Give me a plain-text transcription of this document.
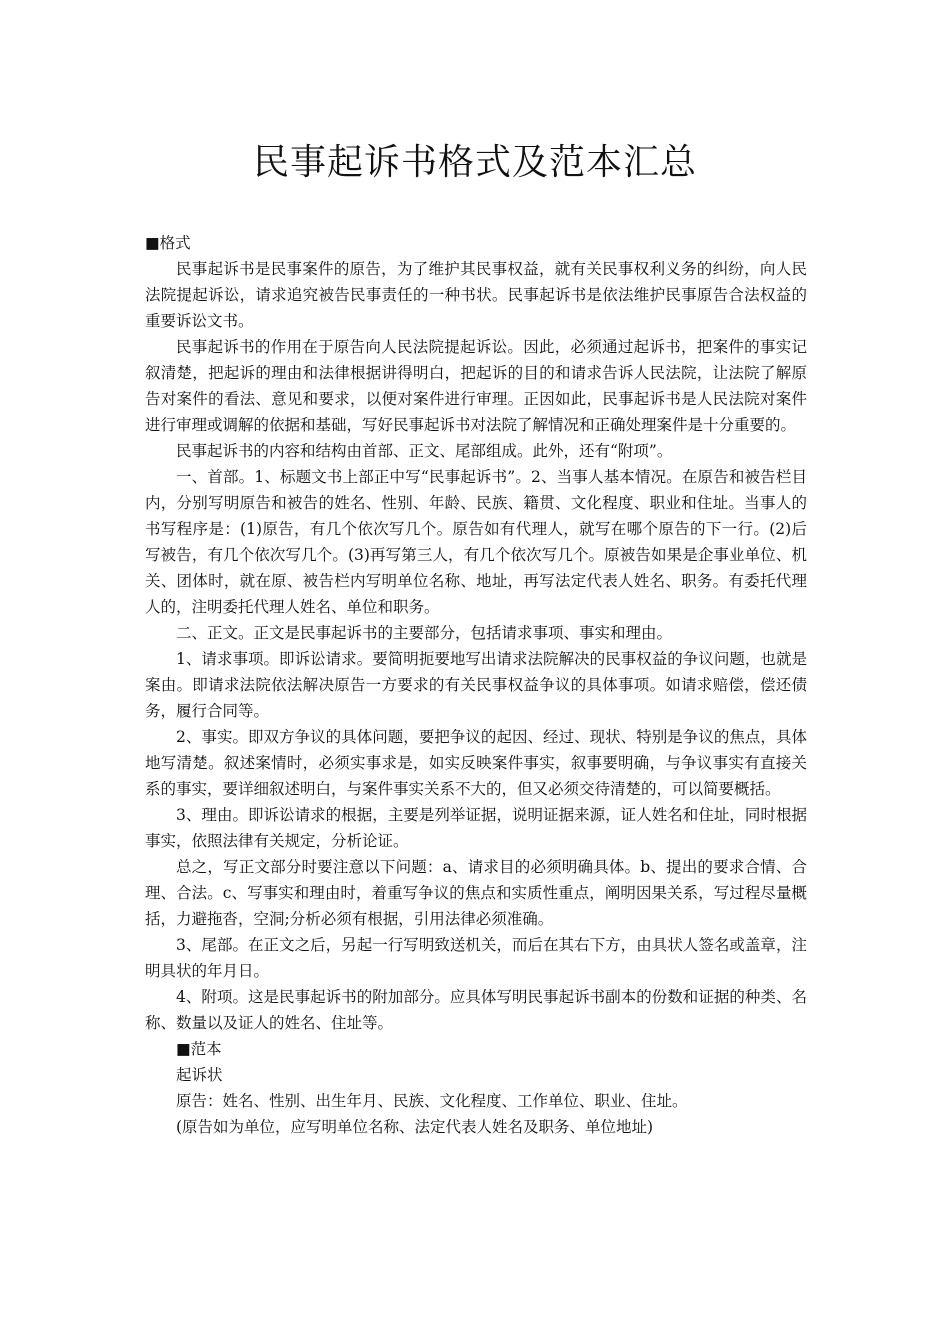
民事起诉书格式及范本汇总

■格式

民事起诉书是民事案件的原告，为了维护其民事权益，就有关民事权利义务的纠纷，向人民法院提起诉讼，请求追究被告民事责任的一种书状。民事起诉书是依法维护民事原告合法权益的重要诉讼文书。

民事起诉书的作用在于原告向人民法院提起诉讼。因此，必须通过起诉书，把案件的事实记叙清楚，把起诉的理由和法律根据讲得明白，把起诉的目的和请求告诉人民法院，让法院了解原告对案件的看法、意见和要求，以便对案件进行审理。正因如此，民事起诉书是人民法院对案件进行审理或调解的依据和基础，写好民事起诉书对法院了解情况和正确处理案件是十分重要的。

民事起诉书的内容和结构由首部、正文、尾部组成。此外，还有“附项”。

一、首部。1、标题文书上部正中写“民事起诉书”。2、当事人基本情况。在原告和被告栏目内，分别写明原告和被告的姓名、性别、年龄、民族、籍贯、文化程度、职业和住址。当事人的书写程序是：(1)原告，有几个依次写几个。原告如有代理人，就写在哪个原告的下一行。(2)后写被告，有几个依次写几个。(3)再写第三人，有几个依次写几个。原被告如果是企事业单位、机关、团体时，就在原、被告栏内写明单位名称、地址，再写法定代表人姓名、职务。有委托代理人的，注明委托代理人姓名、单位和职务。

二、正文。正文是民事起诉书的主要部分，包括请求事项、事实和理由。

1、请求事项。即诉讼请求。要简明扼要地写出请求法院解决的民事权益的争议问题，也就是案由。即请求法院依法解决原告一方要求的有关民事权益争议的具体事项。如请求赔偿，偿还债务，履行合同等。

2、事实。即双方争议的具体问题，要把争议的起因、经过、现状、特别是争议的焦点，具体地写清楚。叙述案情时，必须实事求是，如实反映案件事实，叙事要明确，与争议事实有直接关系的事实，要详细叙述明白，与案件事实关系不大的，但又必须交待清楚的，可以简要概括。

3、理由。即诉讼请求的根据，主要是列举证据，说明证据来源，证人姓名和住址，同时根据事实，依照法律有关规定，分析论证。

总之，写正文部分时要注意以下问题：a、请求目的必须明确具体。b、提出的要求合情、合理、合法。c、写事实和理由时，着重写争议的焦点和实质性重点，阐明因果关系，写过程尽量概括，力避拖沓，空洞;分析必须有根据，引用法律必须准确。

3、尾部。在正文之后，另起一行写明致送机关，而后在其右下方，由具状人签名或盖章，注明具状的年月日。

4、附项。这是民事起诉书的附加部分。应具体写明民事起诉书副本的份数和证据的种类、名称、数量以及证人的姓名、住址等。

■范本

起诉状

原告：姓名、性别、出生年月、民族、文化程度、工作单位、职业、住址。

(原告如为单位，应写明单位名称、法定代表人姓名及职务、单位地址)
